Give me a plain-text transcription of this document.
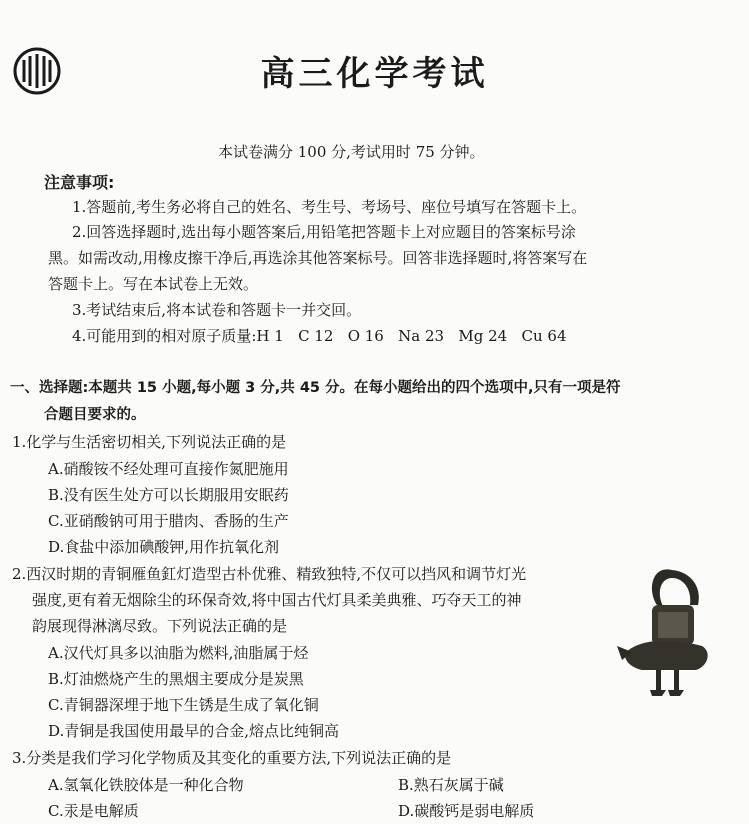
高三化学考试
本试卷满分 100 分,考试用时 75 分钟。
注意事项:
1.答题前,考生务必将自己的姓名、考生号、考场号、座位号填写在答题卡上。
2.回答选择题时,选出每小题答案后,用铅笔把答题卡上对应题目的答案标号涂
黑。如需改动,用橡皮擦干净后,再选涂其他答案标号。回答非选择题时,将答案写在
答题卡上。写在本试卷上无效。
3.考试结束后,将本试卷和答题卡一并交回。
4.可能用到的相对原子质量:H 1   C 12   O 16   Na 23   Mg 24   Cu 64
一、选择题:本题共 15 小题,每小题 3 分,共 45 分。在每小题给出的四个选项中,只有一项是符
合题目要求的。
1.化学与生活密切相关,下列说法正确的是
A.硝酸铵不经处理可直接作氮肥施用
B.没有医生处方可以长期服用安眠药
C.亚硝酸钠可用于腊肉、香肠的生产
D.食盐中添加碘酸钾,用作抗氧化剂
2.西汉时期的青铜雁鱼釭灯造型古朴优雅、精致独特,不仅可以挡风和调节灯光
强度,更有着无烟除尘的环保奇效,将中国古代灯具柔美典雅、巧夺天工的神
韵展现得淋漓尽致。下列说法正确的是
A.汉代灯具多以油脂为燃料,油脂属于烃
B.灯油燃烧产生的黑烟主要成分是炭黑
C.青铜器深埋于地下生锈是生成了氧化铜
D.青铜是我国使用最早的合金,熔点比纯铜高
3.分类是我们学习化学物质及其变化的重要方法,下列说法正确的是
A.氢氧化铁胶体是一种化合物	B.熟石灰属于碱
C.汞是电解质	D.碳酸钙是弱电解质
